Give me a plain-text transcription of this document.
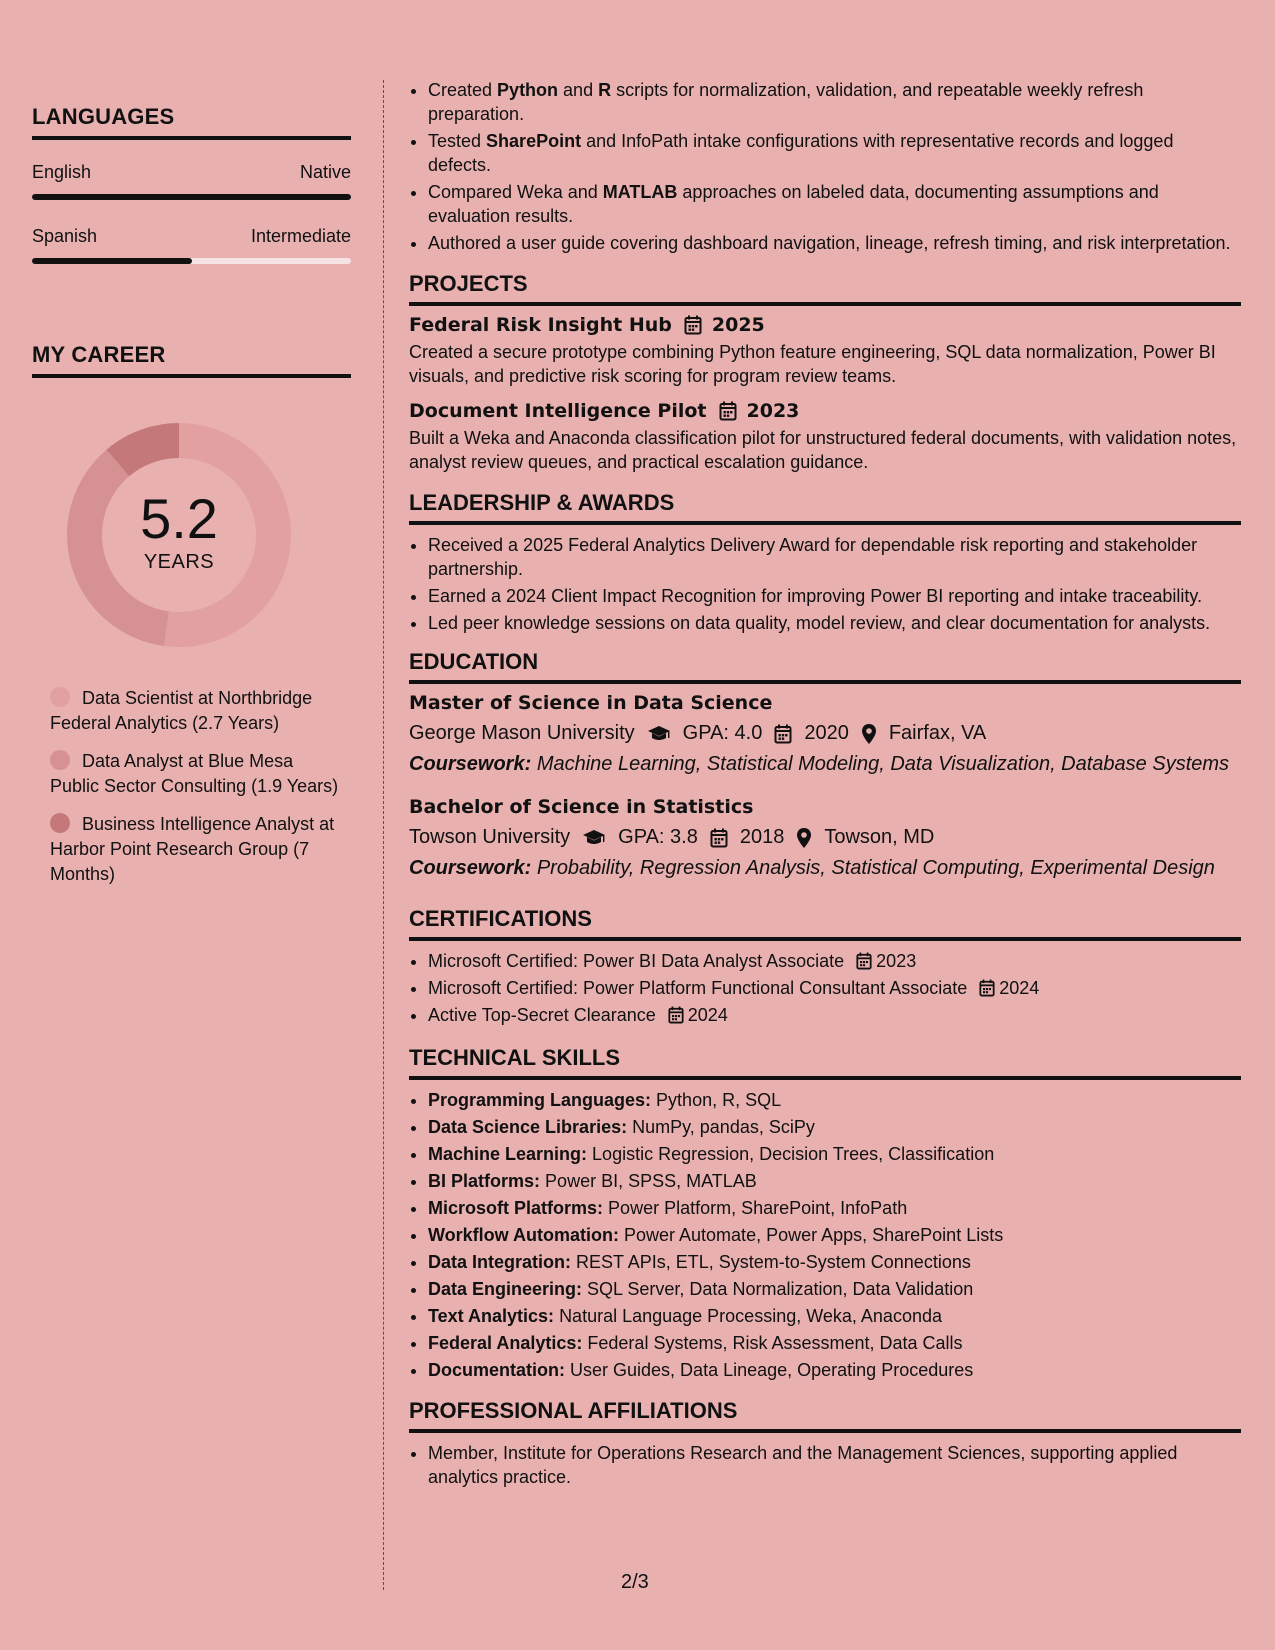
LANGUAGES
English	Native
Spanish	Intermediate
MY CAREER
5.2
YEARS
Data Scientist at Northbridge Federal Analytics (2.7 Years)
Data Analyst at Blue Mesa Public Sector Consulting (1.9 Years)
Business Intelligence Analyst at Harbor Point Research Group (7 Months)
• Created Python and R scripts for normalization, validation, and repeatable weekly refresh preparation.
• Tested SharePoint and InfoPath intake configurations with representative records and logged defects.
• Compared Weka and MATLAB approaches on labeled data, documenting assumptions and evaluation results.
• Authored a user guide covering dashboard navigation, lineage, refresh timing, and risk interpretation.
PROJECTS
Federal Risk Insight Hub 2025

Created a secure prototype combining Python feature engineering, SQL data normalization, Power BI visuals, and predictive risk scoring for program review teams.

Document Intelligence Pilot 2023

Built a Weka and Anaconda classification pilot for unstructured federal documents, with validation notes, analyst review queues, and practical escalation guidance.

LEADERSHIP & AWARDS
• Received a 2025 Federal Analytics Delivery Award for dependable risk reporting and stakeholder partnership.
• Earned a 2024 Client Impact Recognition for improving Power BI reporting and intake traceability.
• Led peer knowledge sessions on data quality, model review, and clear documentation for analysts.
EDUCATION
Master of Science in Data Science
George Mason University GPA: 4.0 2020 Fairfax, VA
Coursework: Machine Learning, Statistical Modeling, Data Visualization, Database Systems
Bachelor of Science in Statistics
Towson University GPA: 3.8 2018 Towson, MD
Coursework: Probability, Regression Analysis, Statistical Computing, Experimental Design
CERTIFICATIONS
• Microsoft Certified: Power BI Data Analyst Associate 2023
• Microsoft Certified: Power Platform Functional Consultant Associate 2024
• Active Top-Secret Clearance 2024
TECHNICAL SKILLS
• Programming Languages: Python, R, SQL
• Data Science Libraries: NumPy, pandas, SciPy
• Machine Learning: Logistic Regression, Decision Trees, Classification
• BI Platforms: Power BI, SPSS, MATLAB
• Microsoft Platforms: Power Platform, SharePoint, InfoPath
• Workflow Automation: Power Automate, Power Apps, SharePoint Lists
• Data Integration: REST APIs, ETL, System-to-System Connections
• Data Engineering: SQL Server, Data Normalization, Data Validation
• Text Analytics: Natural Language Processing, Weka, Anaconda
• Federal Analytics: Federal Systems, Risk Assessment, Data Calls
• Documentation: User Guides, Data Lineage, Operating Procedures
PROFESSIONAL AFFILIATIONS
• Member, Institute for Operations Research and the Management Sciences, supporting applied analytics practice.
2/3
